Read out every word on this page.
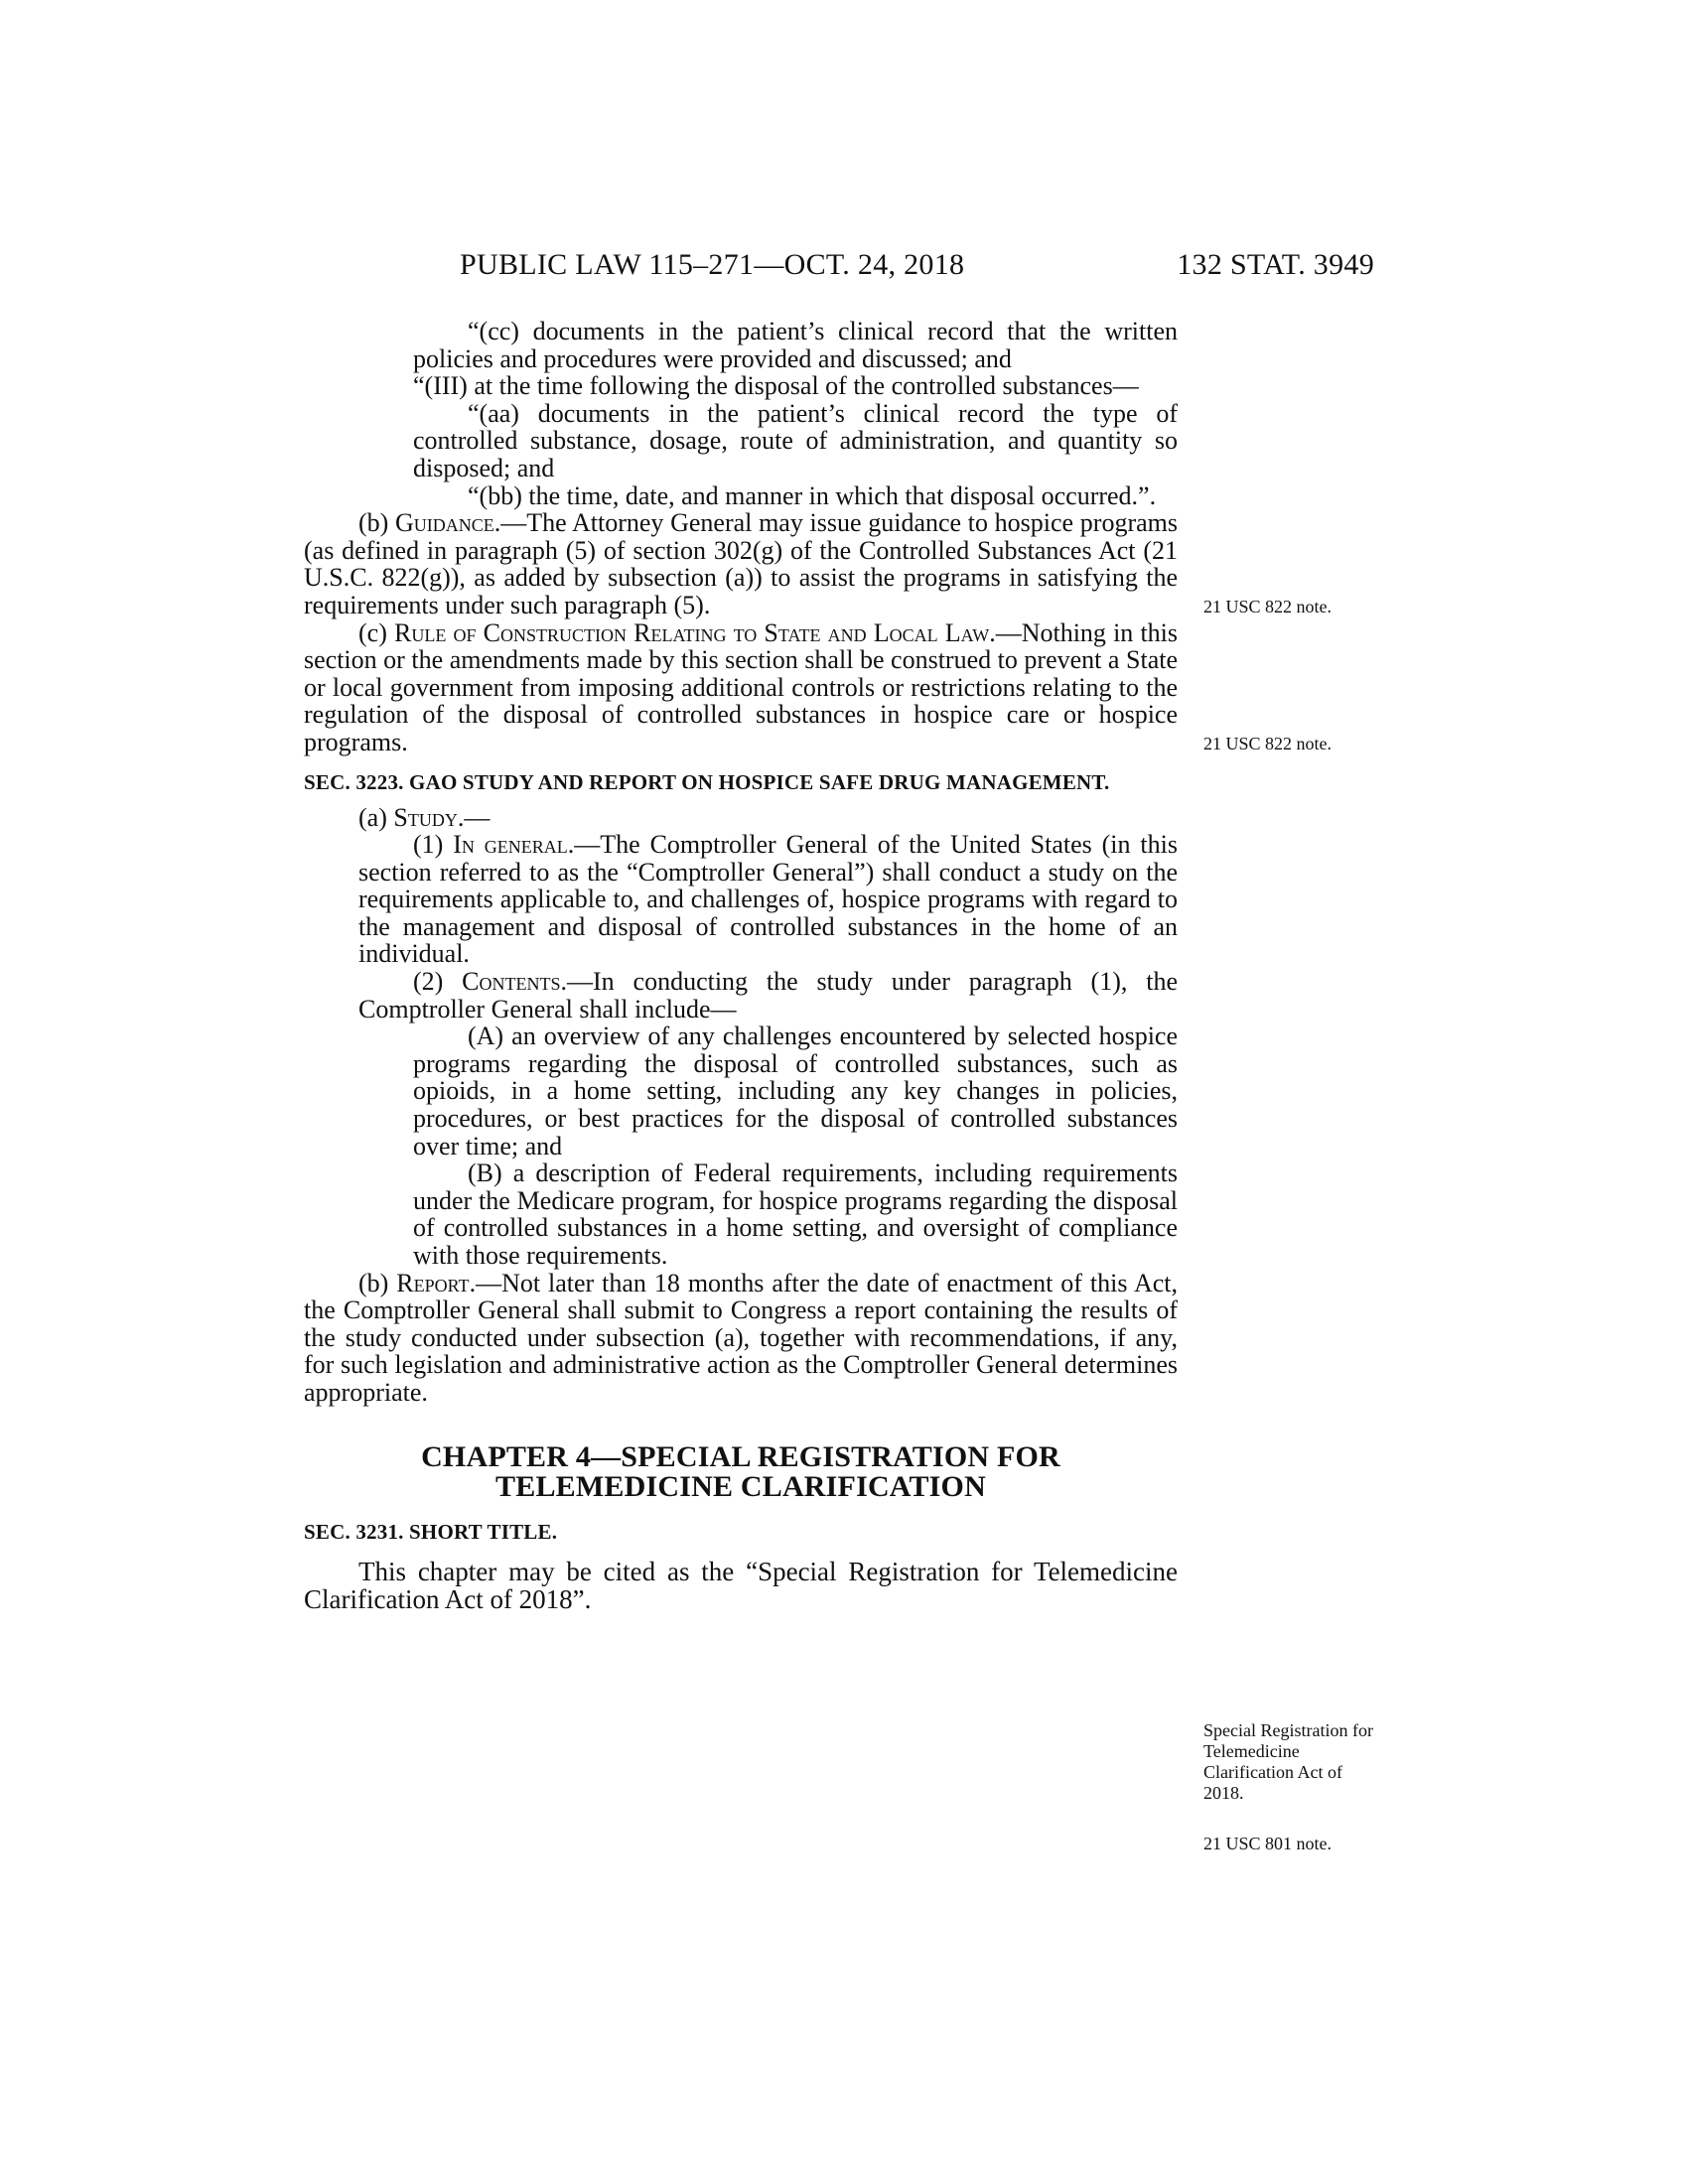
PUBLIC LAW 115–271—OCT. 24, 2018	132 STAT. 3949

“(cc) documents in the patient’s clinical record that the written policies and procedures were provided and discussed; and

“(III) at the time following the disposal of the controlled substances—

“(aa) documents in the patient’s clinical record the type of controlled substance, dosage, route of administration, and quantity so disposed; and

“(bb) the time, date, and manner in which that disposal occurred.”.

(b) Guidance.—The Attorney General may issue guidance to hospice programs (as defined in paragraph (5) of section 302(g) of the Controlled Substances Act (21 U.S.C. 822(g)), as added by subsection (a)) to assist the programs in satisfying the requirements under such paragraph (5).

(c) Rule of Construction Relating to State and Local Law.—Nothing in this section or the amendments made by this section shall be construed to prevent a State or local government from imposing additional controls or restrictions relating to the regulation of the disposal of controlled substances in hospice care or hospice programs.

SEC. 3223. GAO STUDY AND REPORT ON HOSPICE SAFE DRUG MANAGEMENT.

(a) Study.—

(1) In general.—The Comptroller General of the United States (in this section referred to as the “Comptroller General”) shall conduct a study on the requirements applicable to, and challenges of, hospice programs with regard to the management and disposal of controlled substances in the home of an individual.

(2) Contents.—In conducting the study under paragraph (1), the Comptroller General shall include—

(A) an overview of any challenges encountered by selected hospice programs regarding the disposal of controlled substances, such as opioids, in a home setting, including any key changes in policies, procedures, or best practices for the disposal of controlled substances over time; and

(B) a description of Federal requirements, including requirements under the Medicare program, for hospice programs regarding the disposal of controlled substances in a home setting, and oversight of compliance with those requirements.

(b) Report.—Not later than 18 months after the date of enactment of this Act, the Comptroller General shall submit to Congress a report containing the results of the study conducted under subsection (a), together with recommendations, if any, for such legislation and administrative action as the Comptroller General determines appropriate.

CHAPTER 4—SPECIAL REGISTRATION FOR
TELEMEDICINE CLARIFICATION

SEC. 3231. SHORT TITLE.

This chapter may be cited as the “Special Registration for Telemedicine Clarification Act of 2018”.

21 USC 822 note.
21 USC 822 note.
Special Registration for Telemedicine Clarification Act of 2018.
21 USC 801 note.
